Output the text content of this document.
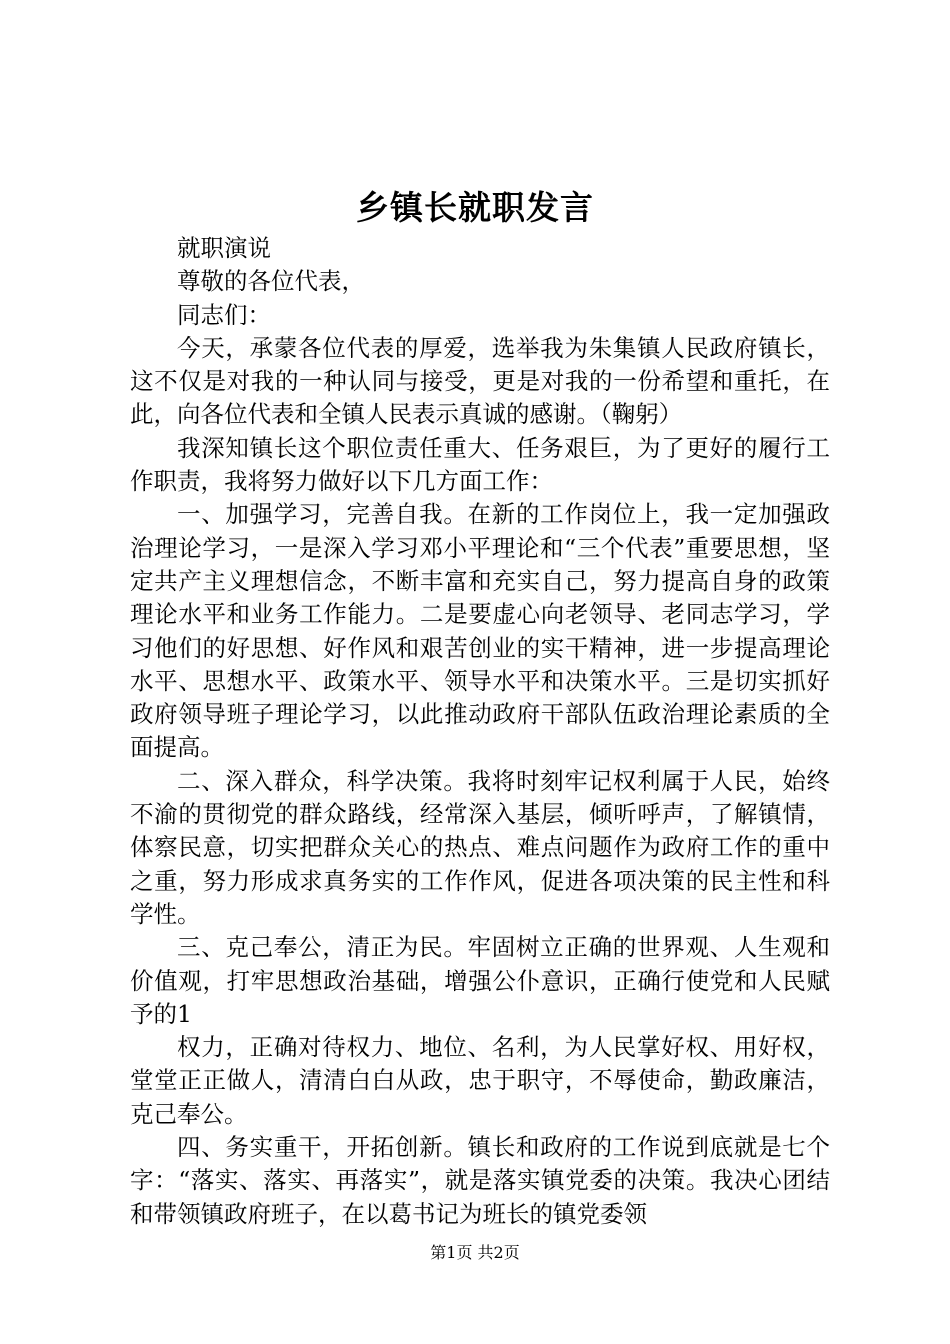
乡镇长就职发言

就职演说

尊敬的各位代表，

同志们：

今天，承蒙各位代表的厚爱，选举我为朱集镇人民政府镇长，这不仅是对我的一种认同与接受，更是对我的一份希望和重托，在此，向各位代表和全镇人民表示真诚的感谢。（鞠躬）

我深知镇长这个职位责任重大、任务艰巨，为了更好的履行工作职责，我将努力做好以下几方面工作：

一、加强学习，完善自我。在新的工作岗位上，我一定加强政治理论学习，一是深入学习邓小平理论和“三个代表”重要思想，坚定共产主义理想信念，不断丰富和充实自己，努力提高自身的政策理论水平和业务工作能力。二是要虚心向老领导、老同志学习，学习他们的好思想、好作风和艰苦创业的实干精神，进一步提高理论水平、思想水平、政策水平、领导水平和决策水平。三是切实抓好政府领导班子理论学习，以此推动政府干部队伍政治理论素质的全面提高。

二、深入群众，科学决策。我将时刻牢记权利属于人民，始终不渝的贯彻党的群众路线，经常深入基层，倾听呼声，了解镇情，体察民意，切实把群众关心的热点、难点问题作为政府工作的重中之重，努力形成求真务实的工作作风，促进各项决策的民主性和科学性。

三、克己奉公，清正为民。牢固树立正确的世界观、人生观和价值观，打牢思想政治基础，增强公仆意识，正确行使党和人民赋予的1

权力，正确对待权力、地位、名利，为人民掌好权、用好权，堂堂正正做人，清清白白从政，忠于职守，不辱使命，勤政廉洁，克己奉公。

四、务实重干，开拓创新。镇长和政府的工作说到底就是七个字：“落实、落实、再落实”，就是落实镇党委的决策。我决心团结和带领镇政府班子，在以葛书记为班长的镇党委领

第1页 共2页
